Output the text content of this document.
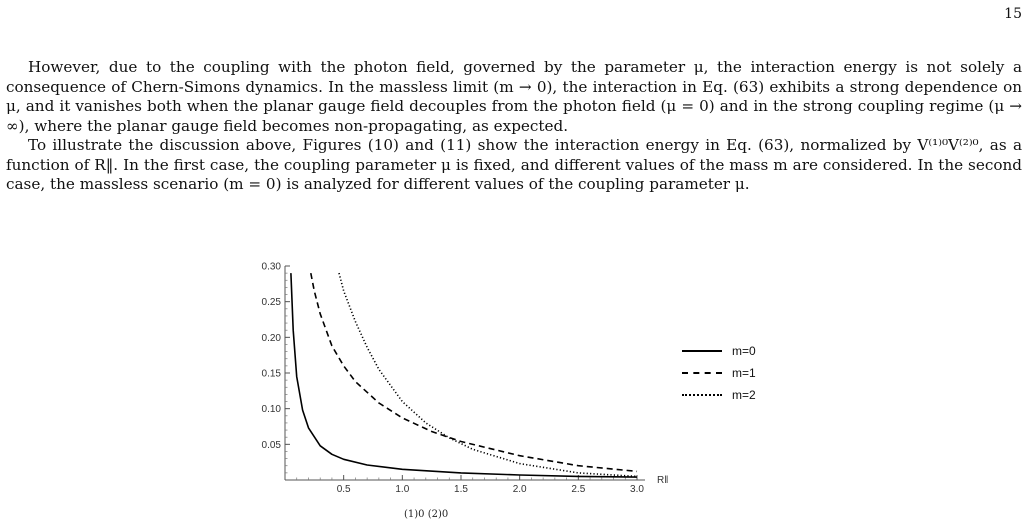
15

However, due to the coupling with the photon field, governed by the parameter μ, the interaction energy is not solely a consequence of Chern-Simons dynamics. In the massless limit (m → 0), the interaction in Eq. (63) exhibits a strong dependence on μ, and it vanishes both when the planar gauge field decouples from the photon field (μ = 0) and in the strong coupling regime (μ → ∞), where the planar gauge field becomes non-propagating, as expected.

To illustrate the discussion above, Figures (10) and (11) show the interaction energy in Eq. (63), normalized by V⁽¹⁾⁰V⁽²⁾⁰, as a function of R‖. In the first case, the coupling parameter μ is fixed, and different values of the mass m are considered. In the second case, the massless scenario (m = 0) is analyzed for different values of the coupling parameter μ.

0.5	1.0	1.5	2.0	2.5	3.0
0.05
0.10
0.15
0.20
0.25
0.30
R‖
m=0
m=1
m=2
(1)0 (2)0
